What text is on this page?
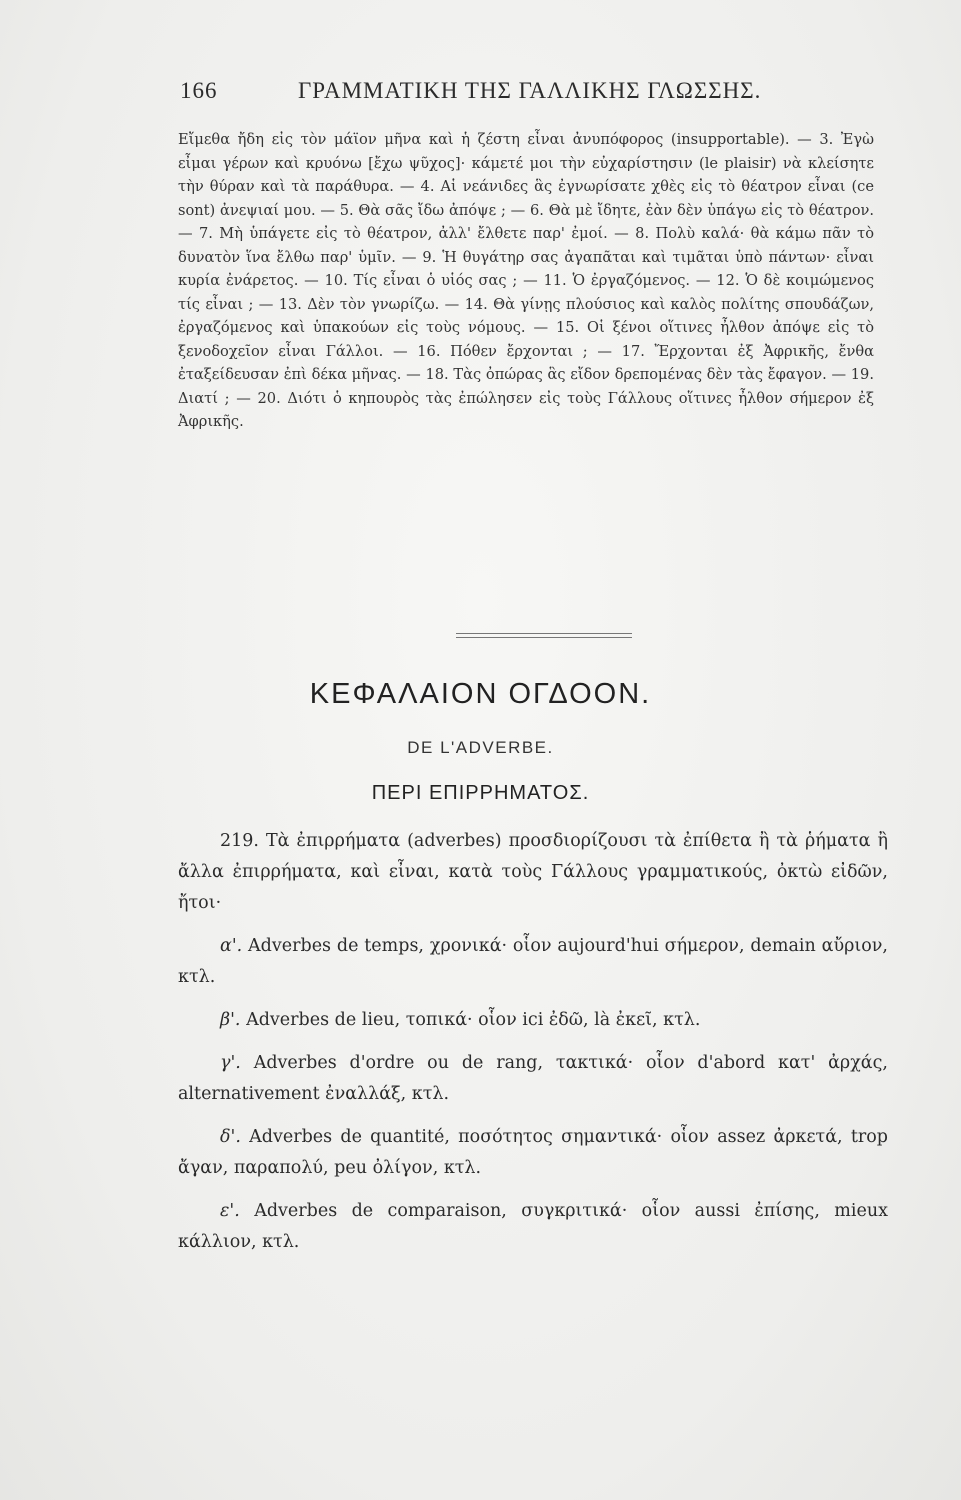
166	ΓΡΑΜΜΑΤΙΚΗ ΤΗΣ ΓΑΛΛΙΚΗΣ ΓΛΩΣΣΗΣ.

Εἴμεθα ἤδη εἰς τὸν μάϊον μῆνα καὶ ἡ ζέστη εἶναι ἀνυπόφορος (insupportable). — 3. Ἐγὼ εἶμαι γέρων καὶ κρυόνω [ἔχω ψῦχος]· κάμετέ μοι τὴν εὐχαρίστησιν (le plaisir) νὰ κλείσητε τὴν θύραν καὶ τὰ παράθυρα. — 4. Αἱ νεάνιδες ἃς ἐγνωρίσατε χθὲς εἰς τὸ θέατρον εἶναι (ce sont) ἀνεψιαί μου. — 5. Θὰ σᾶς ἴδω ἀπόψε ; — 6. Θὰ μὲ ἴδητε, ἐὰν δὲν ὑπάγω εἰς τὸ θέατρον. — 7. Μὴ ὑπάγετε εἰς τὸ θέατρον, ἀλλ' ἔλθετε παρ' ἐμοί. — 8. Πολὺ καλά· θὰ κάμω πᾶν τὸ δυνατὸν ἵνα ἔλθω παρ' ὑμῖν. — 9. Ἡ θυγάτηρ σας ἀγαπᾶται καὶ τιμᾶται ὑπὸ πάντων· εἶναι κυρία ἐνάρετος. — 10. Τίς εἶναι ὁ υἱός σας ; — 11. Ὁ ἐργαζόμενος. — 12. Ὁ δὲ κοιμώμενος τίς εἶναι ; — 13. Δὲν τὸν γνωρίζω. — 14. Θὰ γίνῃς πλούσιος καὶ καλὸς πολίτης σπουδάζων, ἐργαζόμενος καὶ ὑπακούων εἰς τοὺς νόμους. — 15. Οἱ ξένοι οἵτινες ἦλθον ἀπόψε εἰς τὸ ξενοδοχεῖον εἶναι Γάλλοι. — 16. Πόθεν ἔρχονται ; — 17. Ἔρχονται ἐξ Ἀφρικῆς, ἔνθα ἐταξείδευσαν ἐπὶ δέκα μῆνας. — 18. Τὰς ὀπώρας ἃς εἴδον δρεπομένας δὲν τὰς ἔφαγον. — 19. Διατί ; — 20. Διότι ὁ κηπουρὸς τὰς ἐπώλησεν εἰς τοὺς Γάλλους οἵτινες ἦλθον σήμερον ἐξ Ἀφρικῆς.

ΚΕΦΑΛΑΙΟΝ ΟΓΔΟΟΝ.
DE L'ADVERBE.
ΠΕΡΙ ΕΠΙΡΡΗΜΑΤΟΣ.

219. Τὰ ἐπιρρήματα (adverbes) προσδιορίζουσι τὰ ἐπίθετα ἢ τὰ ῥήματα ἢ ἄλλα ἐπιρρήματα, καὶ εἶναι, κατὰ τοὺς Γάλλους γραμματικούς, ὀκτὼ εἰδῶν, ἤτοι·

α'. Adverbes de temps, χρονικά· οἷον aujourd'hui σήμερον, demain αὔριον, κτλ.

β'. Adverbes de lieu, τοπικά· οἷον ici ἐδῶ, là ἐκεῖ, κτλ.

γ'. Adverbes d'ordre ou de rang, τακτικά· οἷον d'abord κατ' ἀρχάς, alternativement ἐναλλάξ, κτλ.

δ'. Adverbes de quantité, ποσότητος σημαντικά· οἷον assez ἀρκετά, trop ἄγαν, παραπολύ, peu ὀλίγον, κτλ.

ε'. Adverbes de comparaison, συγκριτικά· οἷον aussi ἐπίσης, mieux κάλλιον, κτλ.
